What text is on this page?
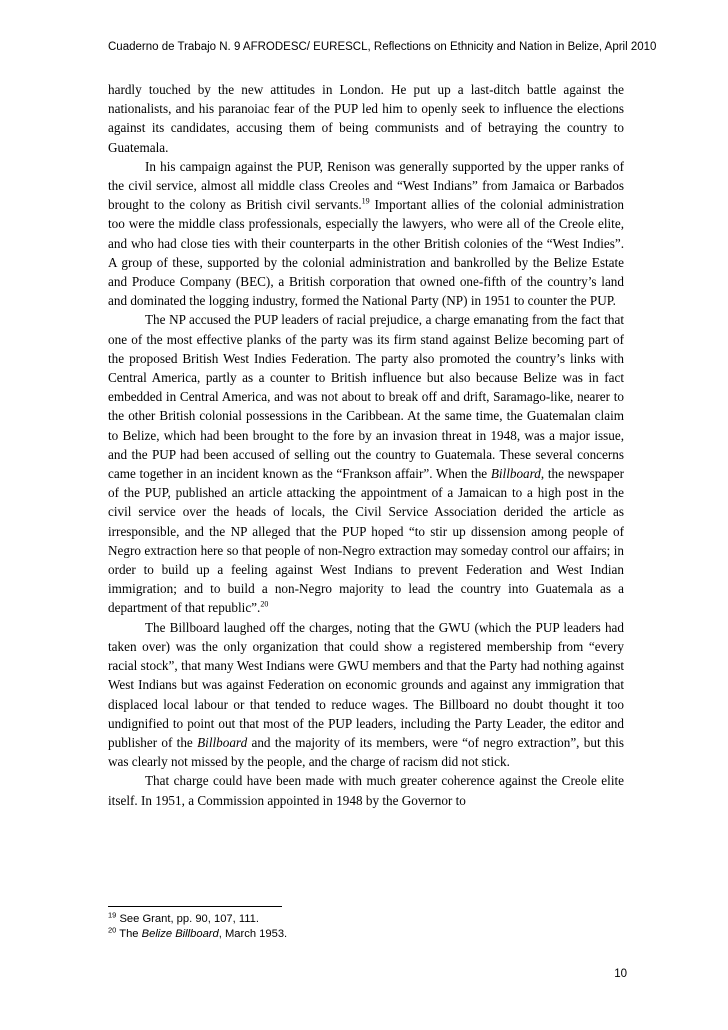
Cuaderno de Trabajo N. 9 AFRODESC/ EURESCL, Reflections on Ethnicity and Nation in Belize, April 2010

hardly touched by the new attitudes in London. He put up a last-ditch battle against the nationalists, and his paranoiac fear of the PUP led him to openly seek to influence the elections against its candidates, accusing them of being communists and of betraying the country to Guatemala.

In his campaign against the PUP, Renison was generally supported by the upper ranks of the civil service, almost all middle class Creoles and “West Indians” from Jamaica or Barbados brought to the colony as British civil servants.$^{19}$ Important allies of the colonial administration too were the middle class professionals, especially the lawyers, who were all of the Creole elite, and who had close ties with their counterparts in the other British colonies of the “West Indies”. A group of these, supported by the colonial administration and bankrolled by the Belize Estate and Produce Company (BEC), a British corporation that owned one-fifth of the country’s land and dominated the logging industry, formed the National Party (NP) in 1951 to counter the PUP.

The NP accused the PUP leaders of racial prejudice, a charge emanating from the fact that one of the most effective planks of the party was its firm stand against Belize becoming part of the proposed British West Indies Federation. The party also promoted the country’s links with Central America, partly as a counter to British influence but also because Belize was in fact embedded in Central America, and was not about to break off and drift, Saramago-like, nearer to the other British colonial possessions in the Caribbean. At the same time, the Guatemalan claim to Belize, which had been brought to the fore by an invasion threat in 1948, was a major issue, and the PUP had been accused of selling out the country to Guatemala. These several concerns came together in an incident known as the “Frankson affair”. When the Billboard, the newspaper of the PUP, published an article attacking the appointment of a Jamaican to a high post in the civil service over the heads of locals, the Civil Service Association derided the article as irresponsible, and the NP alleged that the PUP hoped “to stir up dissension among people of Negro extraction here so that people of non-Negro extraction may someday control our affairs; in order to build up a feeling against West Indians to prevent Federation and West Indian immigration; and to build a non-Negro majority to lead the country into Guatemala as a department of that republic”.$^{20}$

The Billboard laughed off the charges, noting that the GWU (which the PUP leaders had taken over) was the only organization that could show a registered membership from “every racial stock”, that many West Indians were GWU members and that the Party had nothing against West Indians but was against Federation on economic grounds and against any immigration that displaced local labour or that tended to reduce wages. The Billboard no doubt thought it too undignified to point out that most of the PUP leaders, including the Party Leader, the editor and publisher of the Billboard and the majority of its members, were “of negro extraction”, but this was clearly not missed by the people, and the charge of racism did not stick.

That charge could have been made with much greater coherence against the Creole elite itself. In 1951, a Commission appointed in 1948 by the Governor to

$^{19}$ See Grant, pp. 90, 107, 111.
$^{20}$ The Belize Billboard, March 1953.
10
